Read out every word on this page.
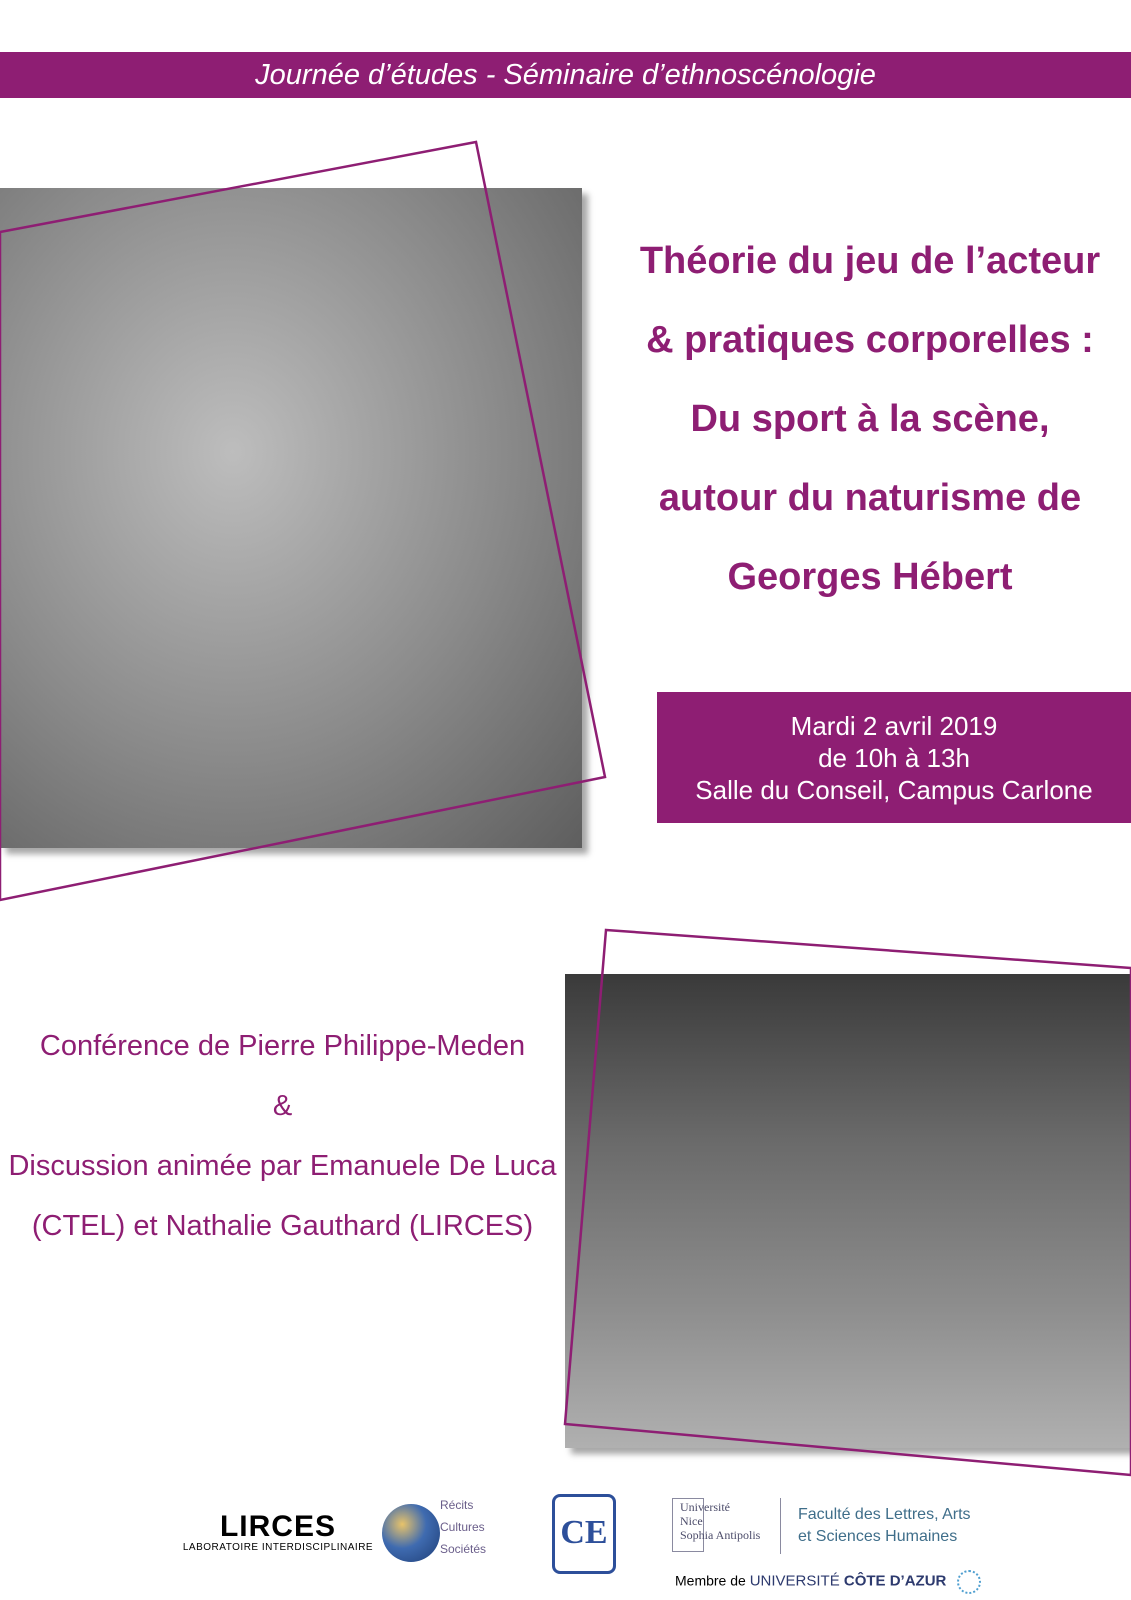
Journée d’études - Séminaire d’ethnoscénologie
Théorie du jeu de l’acteur
& pratiques corporelles :
Du sport à la scène,
autour du naturisme de
Georges Hébert
Mardi 2 avril 2019
de 10h à 13h
Salle du Conseil, Campus Carlone
Conférence de Pierre Philippe-Meden
&
Discussion animée par Emanuele De Luca
(CTEL) et Nathalie Gauthard (LIRCES)
LIRCES
LABORATOIRE INTERDISCIPLINAIRE
Récits
Cultures
Sociétés CE
Université
Nice
Sophia Antipolis
Faculté des Lettres, Arts
et Sciences Humaines
Membre de UNIVERSITÉ CÔTE D’AZUR
